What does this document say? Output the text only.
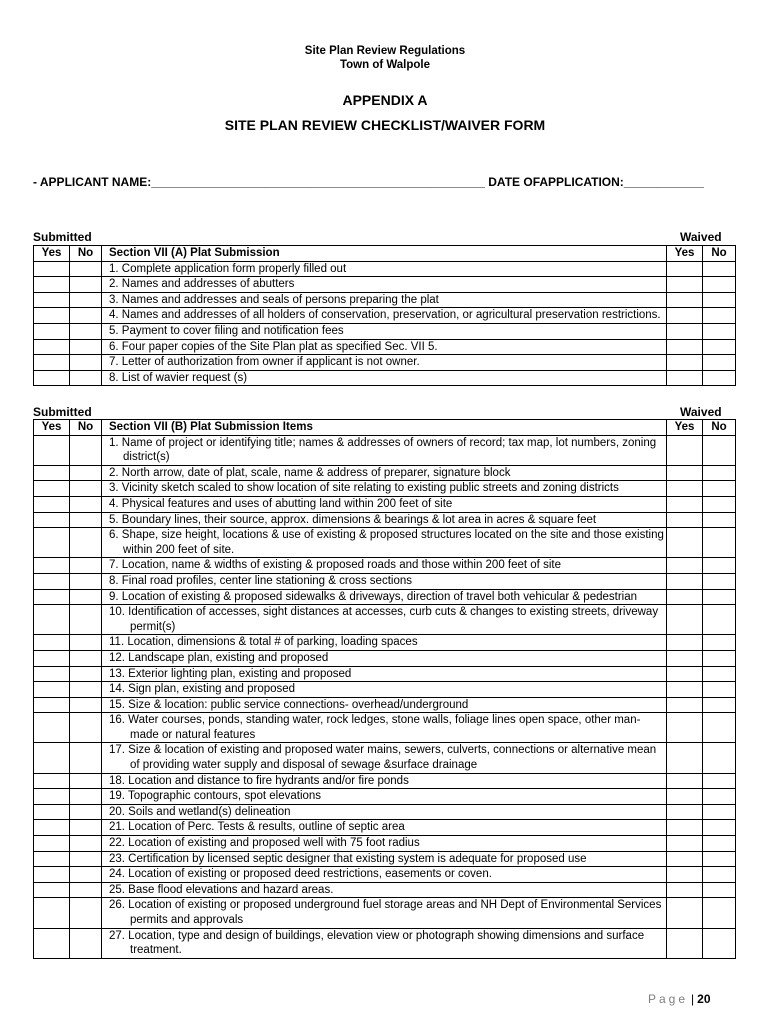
Site Plan Review Regulations
Town of Walpole
APPENDIX A
SITE PLAN REVIEW CHECKLIST/WAIVER FORM
- APPLICANT NAME:__________________________________________________ DATE OFAPPLICATION:____________
Submitted	Waived
Yes	No	Section VII (A) Plat Submission	Yes	No

		1. Complete application form properly filled out		

		2. Names and addresses of abutters		

		3. Names and addresses and seals of persons preparing the plat		

		4. Names and addresses of all holders of conservation, preservation, or agricultural preservation restrictions.		

		5. Payment to cover filing and notification fees		

		6. Four paper copies of the Site Plan plat as specified Sec. VII 5.		

		7. Letter of authorization from owner if applicant is not owner.		

		8. List of wavier request (s)		

Submitted	Waived
Yes	No	Section VII (B) Plat Submission Items	Yes	No

		1. Name of project or identifying title; names & addresses of owners of record; tax map, lot numbers, zoning district(s)		

		2. North arrow, date of plat, scale, name & address of preparer, signature block		

		3. Vicinity sketch scaled to show location of site relating to existing public streets and zoning districts		

		4. Physical features and uses of abutting land within 200 feet of site		

		5. Boundary lines, their source, approx. dimensions & bearings & lot area in acres & square feet		

		6. Shape, size height, locations & use of existing & proposed structures located on the site and those existing within 200 feet of site.		

		7. Location, name & widths of existing & proposed roads and those within 200 feet of site		

		8. Final road profiles, center line stationing & cross sections		

		9. Location of existing & proposed sidewalks & driveways, direction of travel both vehicular & pedestrian		

		10. Identification of accesses, sight distances at accesses, curb cuts & changes to existing streets, driveway permit(s)		

		11. Location, dimensions & total # of parking, loading spaces		

		12. Landscape plan, existing and proposed		

		13. Exterior lighting plan, existing and proposed		

		14. Sign plan, existing and proposed		

		15. Size & location: public service connections- overhead/underground		

		16. Water courses, ponds, standing water, rock ledges, stone walls, foliage lines open space, other man-made or natural features		

		17. Size & location of existing and proposed water mains, sewers, culverts, connections or alternative mean of providing water supply and disposal of sewage &surface drainage		

		18. Location and distance to fire hydrants and/or fire ponds		

		19. Topographic contours, spot elevations		

		20. Soils and wetland(s) delineation		

		21. Location of Perc. Tests & results, outline of septic area		

		22. Location of existing and proposed well with 75 foot radius		

		23. Certification by licensed septic designer that existing system is adequate for proposed use		

		24. Location of existing or proposed deed restrictions, easements or coven.		

		25. Base flood elevations and hazard areas.		

		26. Location of existing or proposed underground fuel storage areas and NH Dept of Environmental Services permits and approvals		

		27. Location, type and design of buildings, elevation view or photograph showing dimensions and surface treatment.		

Page | 20
